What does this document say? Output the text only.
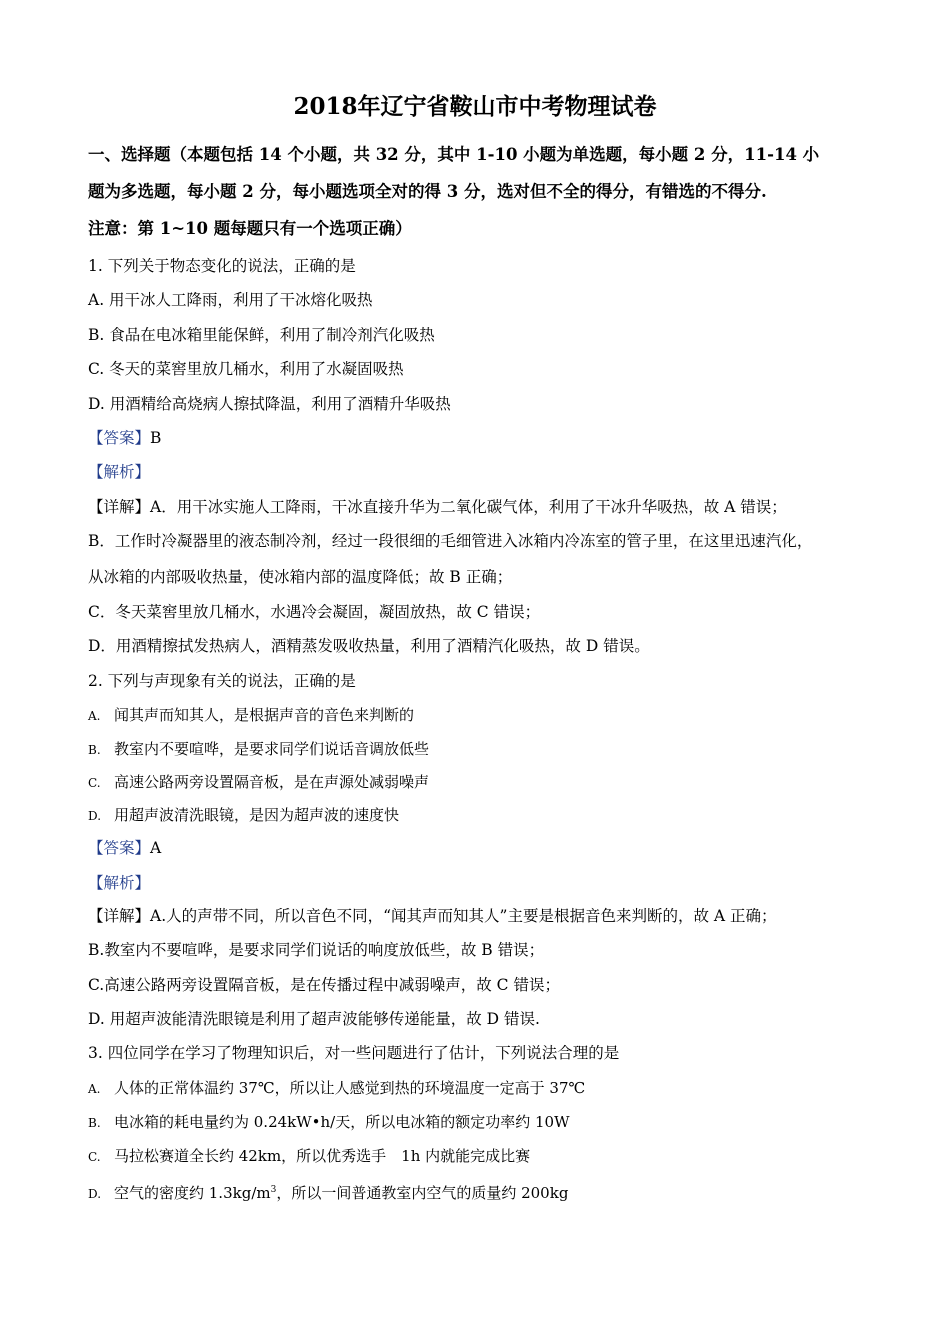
2018年辽宁省鞍山市中考物理试卷
一、选择题（本题包括 14 个小题，共 32 分，其中 1-10 小题为单选题，每小题 2 分，11-14 小
题为多选题，每小题 2 分，每小题选项全对的得 3 分，选对但不全的得分，有错选的不得分.
注意：第 1~10 题每题只有一个选项正确）
1. 下列关于物态变化的说法，正确的是
A. 用干冰人工降雨，利用了干冰熔化吸热
B. 食品在电冰箱里能保鲜，利用了制冷剂汽化吸热
C. 冬天的菜窖里放几桶水，利用了水凝固吸热
D. 用酒精给高烧病人擦拭降温，利用了酒精升华吸热
【答案】B
【解析】
【详解】A．用干冰实施人工降雨，干冰直接升华为二氧化碳气体，利用了干冰升华吸热，故 A 错误；
B．工作时冷凝器里的液态制冷剂，经过一段很细的毛细管进入冰箱内冷冻室的管子里，在这里迅速汽化，
从冰箱的内部吸收热量，使冰箱内部的温度降低；故 B 正确；
C．冬天菜窖里放几桶水，水遇冷会凝固，凝固放热，故 C 错误；
D．用酒精擦拭发热病人，酒精蒸发吸收热量，利用了酒精汽化吸热，故 D 错误。
2. 下列与声现象有关的说法，正确的是
A. 闻其声而知其人，是根据声音的音色来判断的
B. 教室内不要喧哗，是要求同学们说话音调放低些
C. 高速公路两旁设置隔音板，是在声源处减弱噪声
D. 用超声波清洗眼镜，是因为超声波的速度快
【答案】A
【解析】
【详解】A.人的声带不同，所以音色不同，“闻其声而知其人”主要是根据音色来判断的，故 A 正确；
B.教室内不要喧哗，是要求同学们说话的响度放低些，故 B 错误；
C.高速公路两旁设置隔音板，是在传播过程中减弱噪声，故 C 错误；
D. 用超声波能清洗眼镜是利用了超声波能够传递能量，故 D 错误.
3. 四位同学在学习了物理知识后，对一些问题进行了估计，下列说法合理的是
A. 人体的正常体温约 37℃，所以让人感觉到热的环境温度一定高于 37℃
B. 电冰箱的耗电量约为 0.24kW•h/天，所以电冰箱的额定功率约 10W
C. 马拉松赛道全长约 42km，所以优秀选手　1h 内就能完成比赛
D. 空气的密度约 $1.3kg/m^3$，所以一间普通教室内空气的质量约 200kg
